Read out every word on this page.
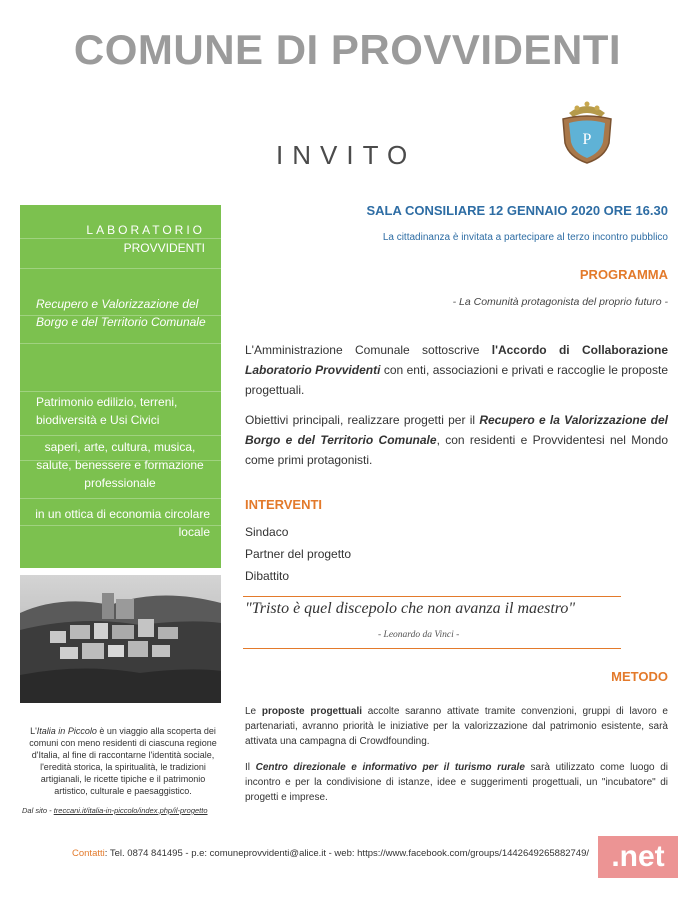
COMUNE DI PROVVIDENTI
INVITO
P
LABORATORIO
PROVVIDENTI
Recupero e Valorizzazione del Borgo e del Territorio Comunale
Patrimonio edilizio, terreni, biodiversità e Usi Civici
saperi, arte, cultura, musica, salute, benessere e formazione professionale
in un ottica di economia circolare locale
L'Italia in Piccolo è un viaggio alla scoperta dei comuni con meno residenti di ciascuna regione d'Italia, al fine di raccontarne l'identità sociale, l'eredità storica, la spiritualità, le tradizioni artigianali, le ricette tipiche e il patrimonio artistico, culturale e paesaggistico.
Dal sito - treccani.it/italia-in-piccolo/index.php/il-progetto
SALA CONSILIARE 12 GENNAIO 2020 ORE 16.30
La cittadinanza è invitata a partecipare al terzo incontro pubblico
PROGRAMMA
- La Comunità protagonista del proprio futuro -
L'Amministrazione Comunale sottoscrive l'Accordo di Collaborazione Laboratorio Provvidenti con enti, associazioni e privati e raccoglie le proposte progettuali.
Obiettivi principali, realizzare progetti per il Recupero e la Valorizzazione del Borgo e del Territorio Comunale, con residenti e Provvidentesi nel Mondo come primi protagonisti.
INTERVENTI
Sindaco
Partner del progetto
Dibattito
"Tristo è quel discepolo che non avanza il maestro"
- Leonardo da Vinci -
METODO
Le proposte progettuali accolte saranno attivate tramite convenzioni, gruppi di lavoro e partenariati, avranno priorità le iniziative per la valorizzazione dal patrimonio esistente, sarà attivata una campagna di Crowdfounding.
Il Centro direzionale e informativo per il turismo rurale sarà utilizzato come luogo di incontro e per la condivisione di istanze, idee e suggerimenti progettuali, un "incubatore" di progetti e imprese.
Contatti: Tel. 0874 841495 - p.e: comuneprovvidenti@alice.it - web: https://www.facebook.com/groups/1442649265882749/ .net
